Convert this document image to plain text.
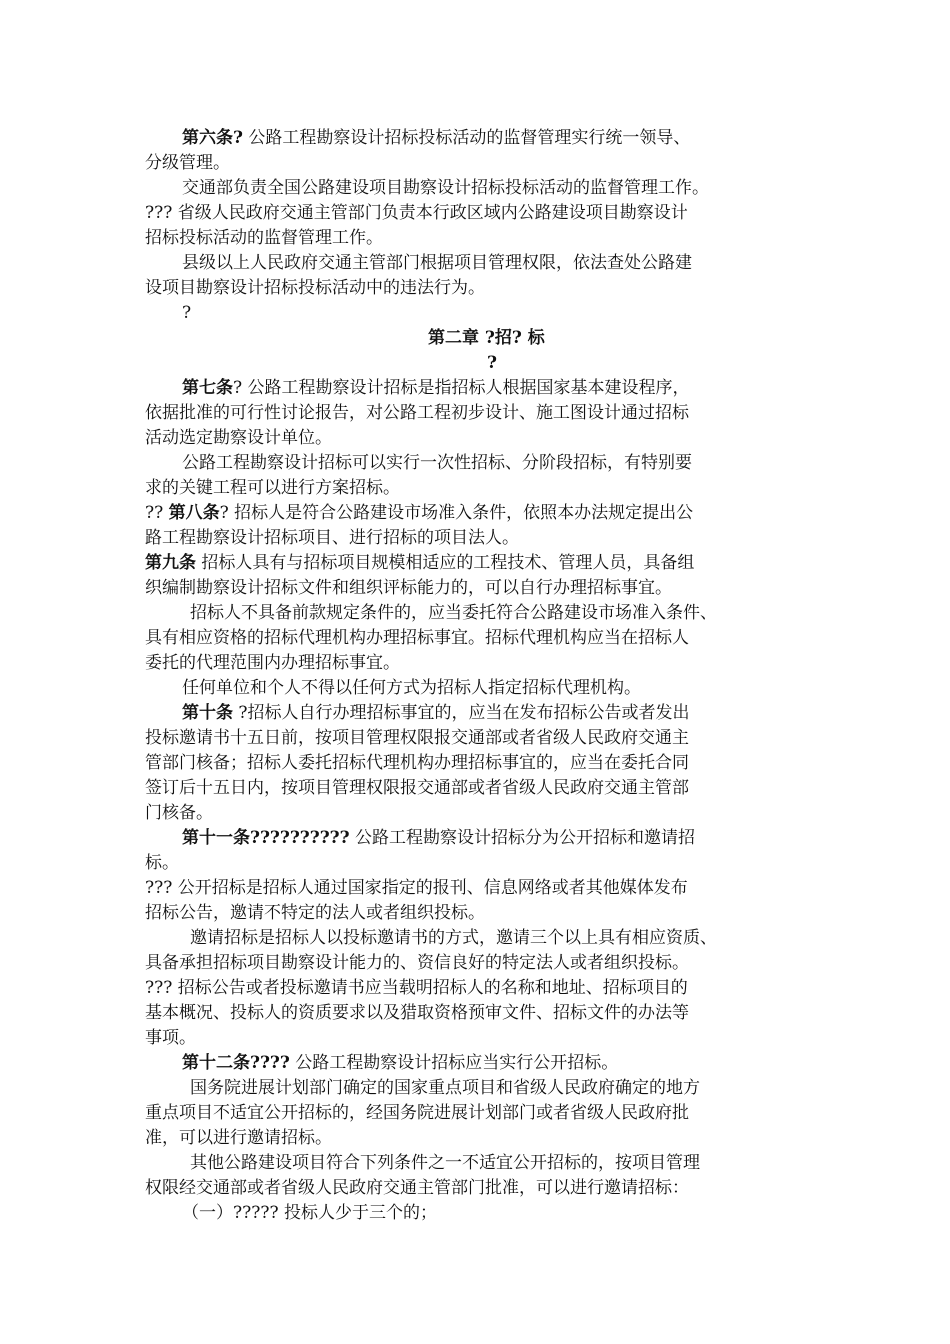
第六条? 公路工程勘察设计招标投标活动的监督管理实行统一领导、
分级管理。
交通部负责全国公路建设项目勘察设计招标投标活动的监督管理工作。
??? 省级人民政府交通主管部门负责本行政区域内公路建设项目勘察设计
招标投标活动的监督管理工作。
县级以上人民政府交通主管部门根据项目管理权限，依法查处公路建
设项目勘察设计招标投标活动中的违法行为。
?
第二章 ?招? 标
?
第七条? 公路工程勘察设计招标是指招标人根据国家基本建设程序，
依据批准的可行性讨论报告，对公路工程初步设计、施工图设计通过招标
活动选定勘察设计单位。
公路工程勘察设计招标可以实行一次性招标、分阶段招标，有特别要
求的关键工程可以进行方案招标。
?? 第八条? 招标人是符合公路建设市场准入条件，依照本办法规定提出公
路工程勘察设计招标项目、进行招标的项目法人。
第九条 招标人具有与招标项目规模相适应的工程技术、管理人员，具备组
织编制勘察设计招标文件和组织评标能力的，可以自行办理招标事宜。
招标人不具备前款规定条件的，应当委托符合公路建设市场准入条件、
具有相应资格的招标代理机构办理招标事宜。招标代理机构应当在招标人
委托的代理范围内办理招标事宜。
任何单位和个人不得以任何方式为招标人指定招标代理机构。
第十条 ?招标人自行办理招标事宜的，应当在发布招标公告或者发出
投标邀请书十五日前，按项目管理权限报交通部或者省级人民政府交通主
管部门核备；招标人委托招标代理机构办理招标事宜的，应当在委托合同
签订后十五日内，按项目管理权限报交通部或者省级人民政府交通主管部
门核备。
第十一条?????????? 公路工程勘察设计招标分为公开招标和邀请招
标。
??? 公开招标是招标人通过国家指定的报刊、信息网络或者其他媒体发布
招标公告，邀请不特定的法人或者组织投标。
邀请招标是招标人以投标邀请书的方式，邀请三个以上具有相应资质、
具备承担招标项目勘察设计能力的、资信良好的特定法人或者组织投标。
??? 招标公告或者投标邀请书应当载明招标人的名称和地址、招标项目的
基本概况、投标人的资质要求以及猎取资格预审文件、招标文件的办法等
事项。
第十二条???? 公路工程勘察设计招标应当实行公开招标。
国务院进展计划部门确定的国家重点项目和省级人民政府确定的地方
重点项目不适宜公开招标的，经国务院进展计划部门或者省级人民政府批
准，可以进行邀请招标。
其他公路建设项目符合下列条件之一不适宜公开招标的，按项目管理
权限经交通部或者省级人民政府交通主管部门批准，可以进行邀请招标：
（一）????? 投标人少于三个的；
